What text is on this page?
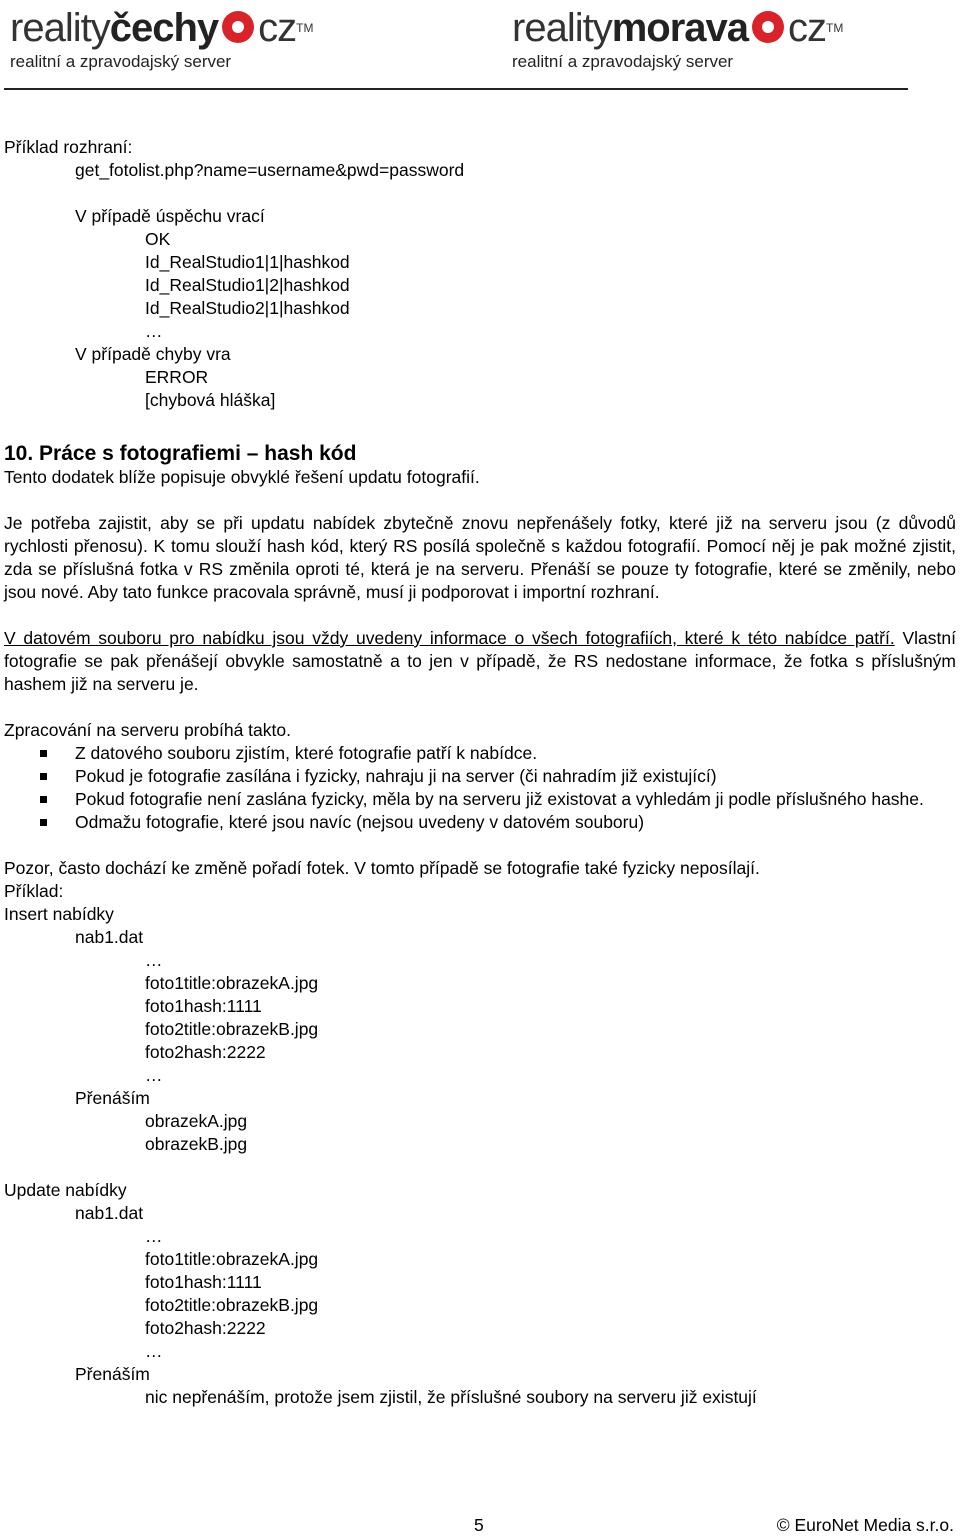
realityčechy cz™
realitní a zpravodajský server
realitymorava cz™
realitní a zpravodajský server
Příklad rozhraní:
get_fotolist.php?name=username&pwd=password
V případě úspěchu vrací
OK
Id_RealStudio1|1|hashkod
Id_RealStudio1|2|hashkod
Id_RealStudio2|1|hashkod
…
V případě chyby vra
ERROR
[chybová hláška]
10. Práce s fotografiemi – hash kód
Tento dodatek blíže popisuje obvyklé řešení updatu fotografií.
Je potřeba zajistit, aby se při updatu nabídek zbytečně znovu nepřenášely fotky, které již na serveru jsou (z důvodů rychlosti přenosu). K tomu slouží hash kód, který RS posílá společně s každou fotografií. Pomocí něj je pak možné zjistit, zda se příslušná fotka v RS změnila oproti té, která je na serveru. Přenáší se pouze ty fotografie, které se změnily, nebo jsou nové. Aby tato funkce pracovala správně, musí ji podporovat i importní rozhraní.
V datovém souboru pro nabídku jsou vždy uvedeny informace o všech fotografiích, které k této nabídce patří. Vlastní fotografie se pak přenášejí obvykle samostatně a to jen v případě, že RS nedostane informace, že fotka s příslušným hashem již na serveru je.
Zpracování na serveru probíhá takto.
Z datového souboru zjistím, které fotografie patří k nabídce.
Pokud je fotografie zasílána i fyzicky, nahraju ji na server (či nahradím již existující)
Pokud fotografie není zaslána fyzicky, měla by na serveru již existovat a vyhledám ji podle příslušného hashe.
Odmažu fotografie, které jsou navíc (nejsou uvedeny v datovém souboru)
Pozor, často dochází ke změně pořadí fotek. V tomto případě se fotografie také fyzicky neposílají.
Příklad:
Insert nabídky
nab1.dat
…
foto1title:obrazekA.jpg
foto1hash:1111
foto2title:obrazekB.jpg
foto2hash:2222
…
Přenáším
obrazekA.jpg
obrazekB.jpg
Update nabídky
nab1.dat
…
foto1title:obrazekA.jpg
foto1hash:1111
foto2title:obrazekB.jpg
foto2hash:2222
…
Přenáším
nic nepřenáším, protože jsem zjistil, že příslušné soubory na serveru již existují
5	© EuroNet Media s.r.o.
